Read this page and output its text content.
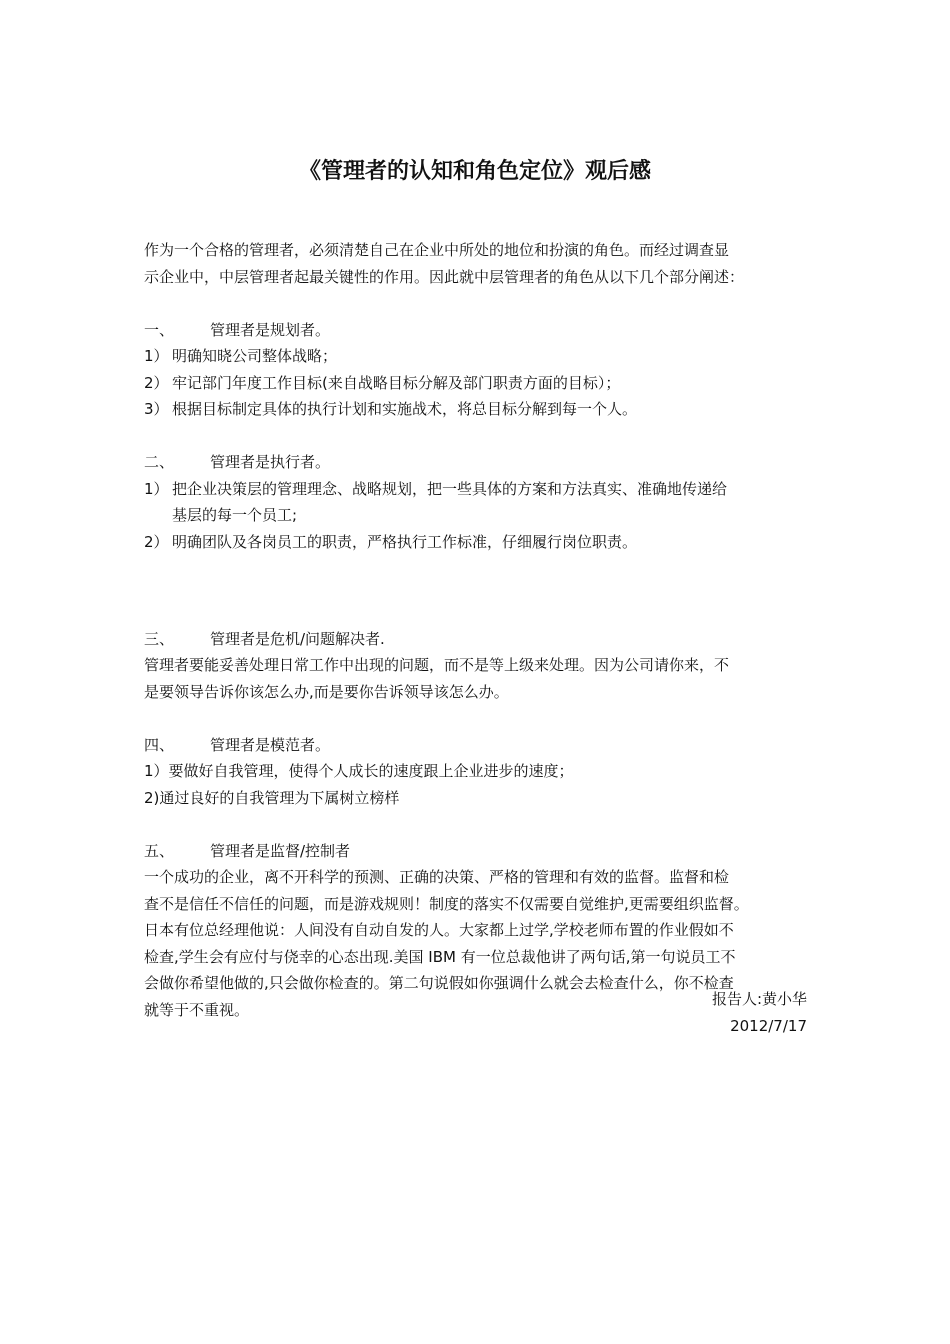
《管理者的认知和角色定位》观后感
作为一个合格的管理者，必须清楚自己在企业中所处的地位和扮演的角色。而经过调查显
示企业中，中层管理者起最关键性的作用。因此就中层管理者的角色从以下几个部分阐述：
一、	管理者是规划者。
1） 明确知晓公司整体战略；
2） 牢记部门年度工作目标(来自战略目标分解及部门职责方面的目标）；
3） 根据目标制定具体的执行计划和实施战术，将总目标分解到每一个人。
二、	管理者是执行者。
1） 把企业决策层的管理理念、战略规划，把一些具体的方案和方法真实、准确地传递给
基层的每一个员工;
2） 明确团队及各岗员工的职责，严格执行工作标准，仔细履行岗位职责。
三、	管理者是危机/问题解决者.
管理者要能妥善处理日常工作中出现的问题，而不是等上级来处理。因为公司请你来，不
是要领导告诉你该怎么办,而是要你告诉领导该怎么办。
四、	管理者是模范者。
1）要做好自我管理，使得个人成长的速度跟上企业进步的速度；
2)通过良好的自我管理为下属树立榜样
五、	管理者是监督/控制者
一个成功的企业，离不开科学的预测、正确的决策、严格的管理和有效的监督。监督和检
查不是信任不信任的问题，而是游戏规则！制度的落实不仅需要自觉维护,更需要组织监督。
日本有位总经理他说：人间没有自动自发的人。大家都上过学,学校老师布置的作业假如不
检查,学生会有应付与侥幸的心态出现.美国 IBM 有一位总裁他讲了两句话,第一句说员工不
会做你希望他做的,只会做你检查的。第二句说假如你强调什么就会去检查什么，你不检查
就等于不重视。
报告人:黄小华
2012/7/17
